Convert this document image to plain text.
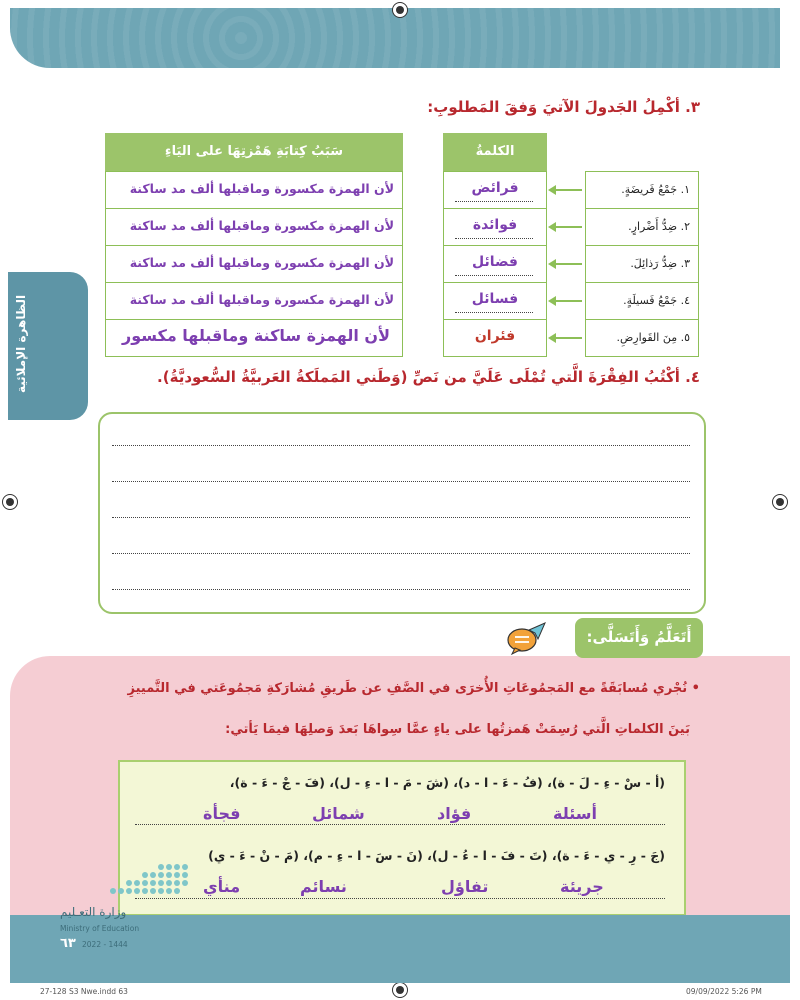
الظاهرة الإملائية
٣. أكْمِلُ الجَدولَ الآتيَ وَفقَ المَطلوبِ:
سَبَبُ كِتابَةِ هَمْزتِهَا على اليَاءِ
لأن الهمزة مكسورة وماقبلها ألف مد ساكنة
لأن الهمزة مكسورة وماقبلها ألف مد ساكنة
لأن الهمزة مكسورة وماقبلها ألف مد ساكنة
لأن الهمزة مكسورة وماقبلها ألف مد ساكنة
لأن الهمزة ساكنة وماقبلها مكسور
الكلمةُ
فرائض
فوائدة
فضائل
فسائل
فئران
١. جَمْعُ فَريضَةٍ.
٢. ضِدُّ أَضْرارٍ.
٣. ضِدُّ رَذائِلَ.
٤. جَمْعُ فَسيلَةٍ.
٥. مِنَ القَوارِضِ.
٤. أكْتُبُ الفِقْرَةَ الَّتي تُمْلَى عَلَيَّ من نَصِّ (وَطَني المَملَكةُ العَربيَّةُ السُّعوديَّةُ).
أَتَعَلَّمُ وَأَتَسَلَّى:
• نُجْري مُسابَقَةً مع المَجمُوعَاتِ الأُخرَى في الصَّفِ عن طَريقِ مُشارَكةِ مَجمُوعَتي في التَّمييزِ
بَينَ الكلماتِ الَّتي رُسِمَتْ هَمزتُها على ياءٍ عمَّا سِواهَا بَعدَ وَصلِهَا فيمَا يَأتي:
(أ - سْ - ءِ - لَ - ة)، (فُ - ءَ - ا - د)، (شَ - مَ - ا - ءِ - ل)، (فَ - جْ - ءَ - ة)،
أسئلة
فؤاد
شمائل
فجأة
(جَ - رِ - ي - ءَ - ة)، (تَ - فَ - ا - ءُ - ل)، (نَ - سَ - ا - ءِ - م)، (مَ - نْ - ءَ - ي)
جريئة
تفاؤل
نسائم
منأي
وزارة التعـليم
Ministry of Education
٦٣ 2022 - 1444
27-128 S3 Nwe.indd 63	09/09/2022 5:26 PM
